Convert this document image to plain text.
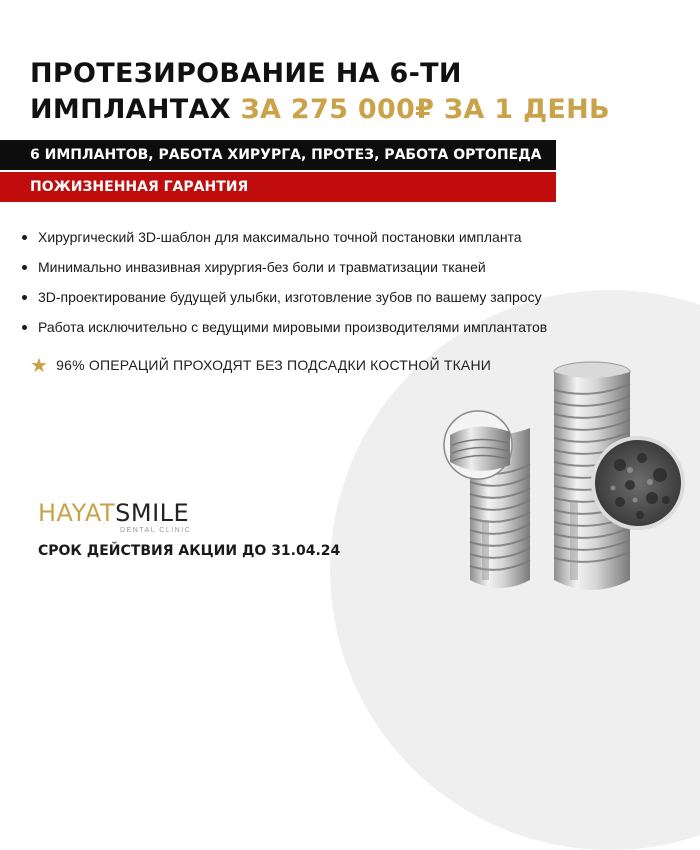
ПРОТЕЗИРОВАНИЕ НА 6-ТИ
ИМПЛАНТАХ ЗА 275 000₽ ЗА 1 ДЕНЬ
6 ИМПЛАНТОВ, РАБОТА ХИРУРГА, ПРОТЕЗ, РАБОТА ОРТОПЕДА
ПОЖИЗНЕННАЯ ГАРАНТИЯ
Хирургический 3D-шаблон для максимально точной постановки импланта
Минимально инвазивная хирургия-без боли и травматизации тканей
3D-проектирование будущей улыбки, изготовление зубов по вашему запросу
Работа исключительно с ведущими мировыми производителями имплантатов
★ 96% ОПЕРАЦИЙ ПРОХОДЯТ БЕЗ ПОДСАДКИ КОСТНОЙ ТКАНИ
HAYATSMILE
DENTAL CLINIC
СРОК ДЕЙСТВИЯ АКЦИИ ДО 31.04.24
